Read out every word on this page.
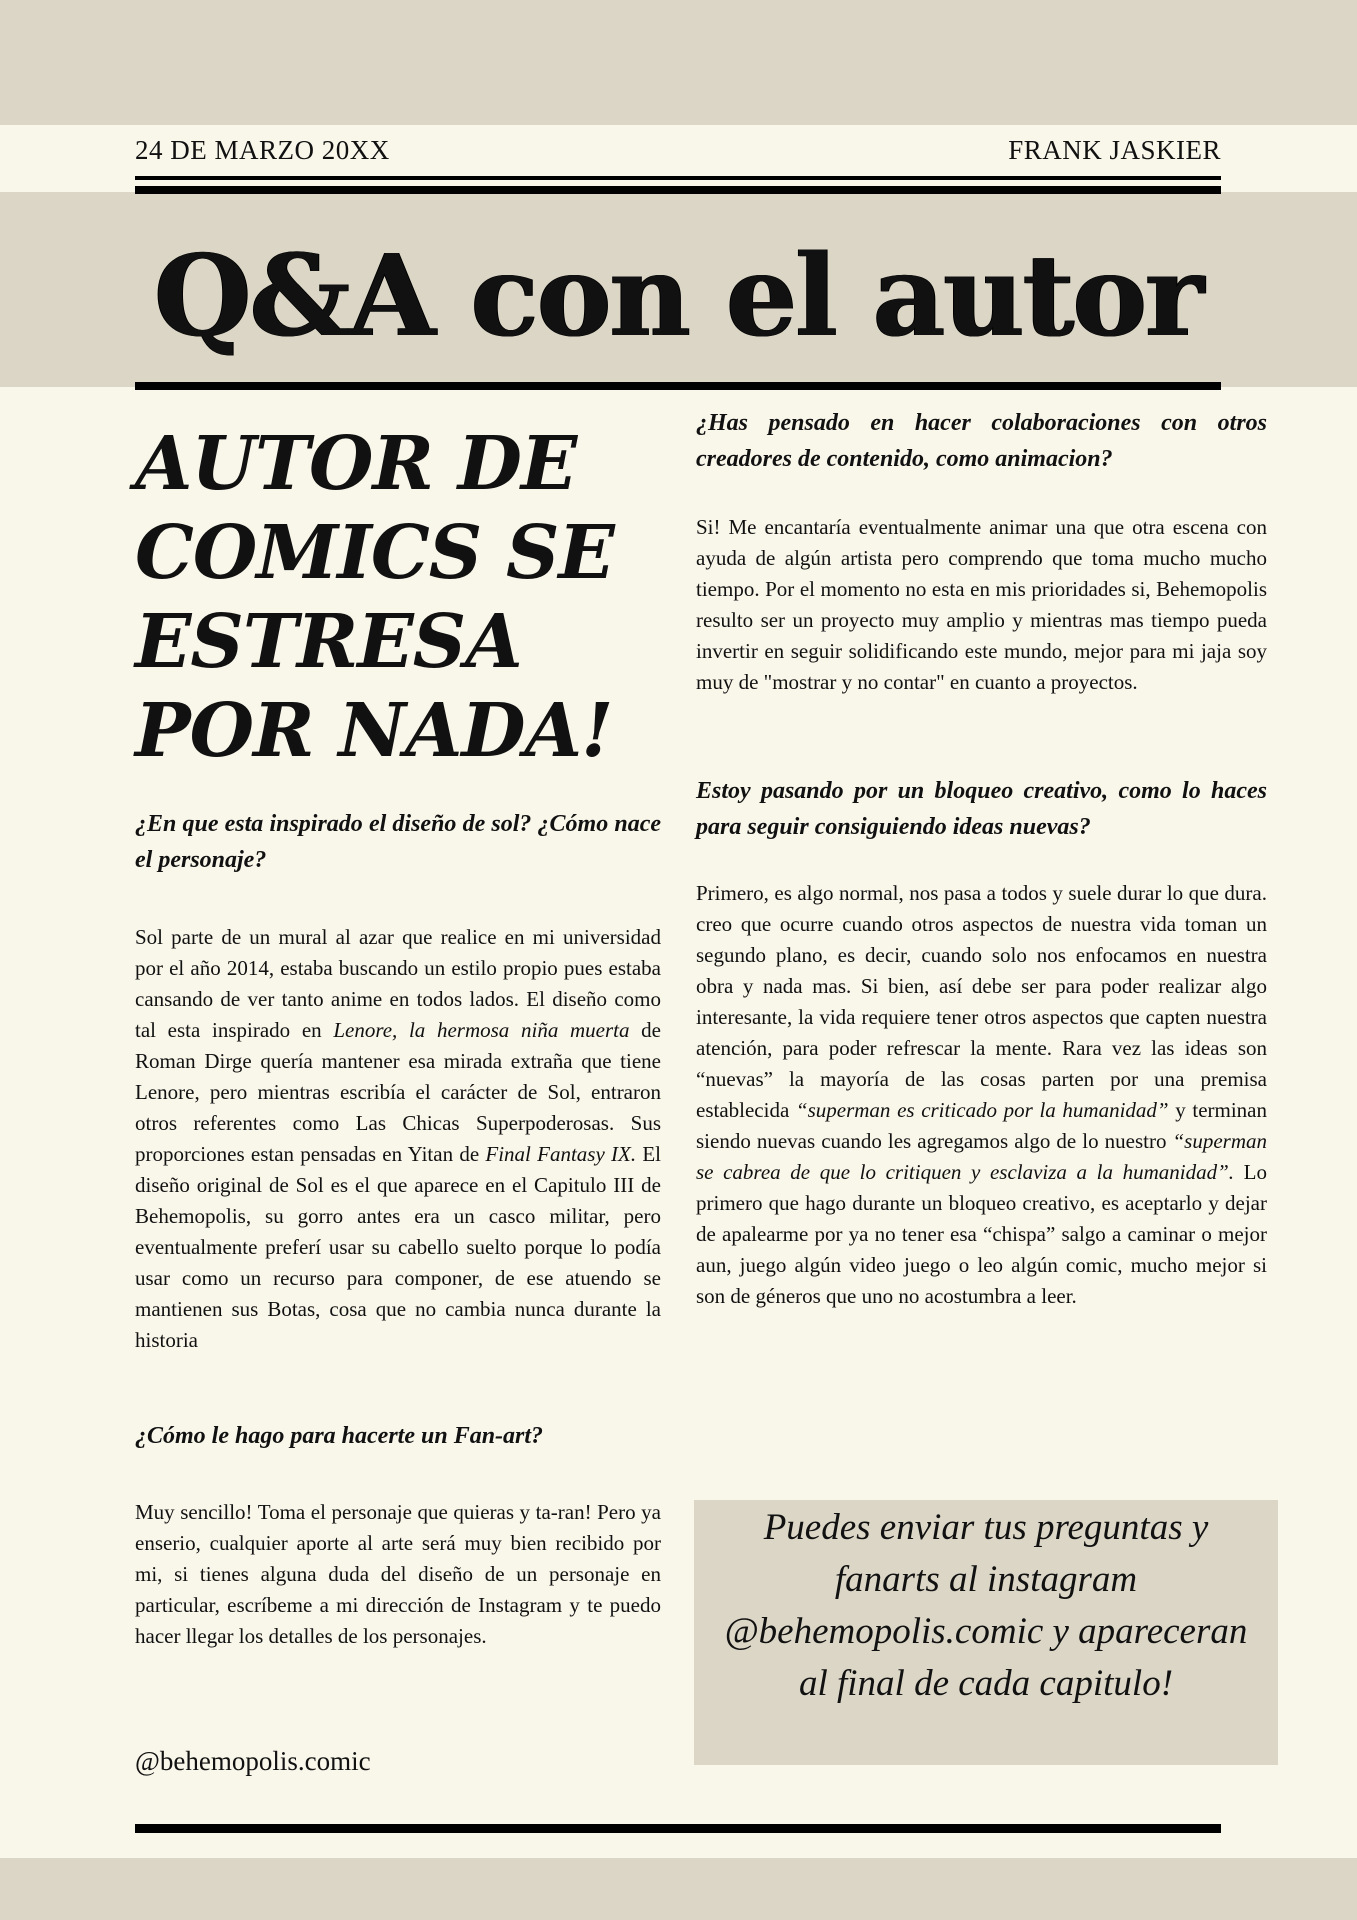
24 DE MARZO 20XX	FRANK JASKIER
Q&A con el autor
AUTOR DE COMICS SE ESTRESA POR NADA!

¿En que esta inspirado el diseño de sol? ¿Cómo nace el personaje?

Sol parte de un mural al azar que realice en mi universidad por el año 2014, estaba buscando un estilo propio pues estaba cansando de ver tanto anime en todos lados. El diseño como tal esta inspirado en Lenore, la hermosa niña muerta de Roman Dirge quería mantener esa mirada extraña que tiene Lenore, pero mientras escribía el carácter de Sol, entraron otros referentes como Las Chicas Superpoderosas. Sus proporciones estan pensadas en Yitan de Final Fantasy IX. El diseño original de Sol es el que aparece en el Capitulo III de Behemopolis, su gorro antes era un casco militar, pero eventualmente preferí usar su cabello suelto porque lo podía usar como un recurso para componer, de ese atuendo se mantienen sus Botas, cosa que no cambia nunca durante la historia

¿Cómo le hago para hacerte un Fan-art?

Muy sencillo! Toma el personaje que quieras y ta-ran! Pero ya enserio, cualquier aporte al arte será muy bien recibido por mi, si tienes alguna duda del diseño de un personaje en particular, escríbeme a mi dirección de Instagram y te puedo hacer llegar los detalles de los personajes.

@behemopolis.comic

¿Has pensado en hacer colaboraciones con otros creadores de contenido, como animacion?

Si! Me encantaría eventualmente animar una que otra escena con ayuda de algún artista pero comprendo que toma mucho mucho tiempo. Por el momento no esta en mis prioridades si, Behemopolis resulto ser un proyecto muy amplio y mientras mas tiempo pueda invertir en seguir solidificando este mundo, mejor para mi jaja soy muy de "mostrar y no contar" en cuanto a proyectos.

Estoy pasando por un bloqueo creativo, como lo haces para seguir consiguiendo ideas nuevas?

Primero, es algo normal, nos pasa a todos y suele durar lo que dura. creo que ocurre cuando otros aspectos de nuestra vida toman un segundo plano, es decir, cuando solo nos enfocamos en nuestra obra y nada mas. Si bien, así debe ser para poder realizar algo interesante, la vida requiere tener otros aspectos que capten nuestra atención, para poder refrescar la mente. Rara vez las ideas son “nuevas” la mayoría de las cosas parten por una premisa establecida “superman es criticado por la humanidad” y terminan siendo nuevas cuando les agregamos algo de lo nuestro “superman se cabrea de que lo critiquen y esclaviza a la humanidad”. Lo primero que hago durante un bloqueo creativo, es aceptarlo y dejar de apalearme por ya no tener esa “chispa” salgo a caminar o mejor aun, juego algún video juego o leo algún comic, mucho mejor si son de géneros que uno no acostumbra a leer.

Puedes enviar tus preguntas y fanarts al instagram @behemopolis.comic y apareceran al final de cada capitulo!
